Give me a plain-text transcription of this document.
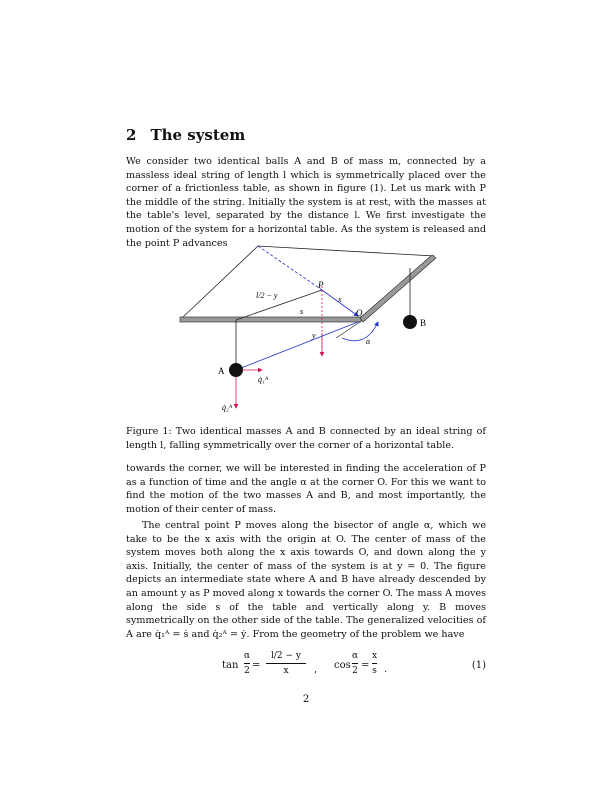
2 The system

We consider two identical balls A and B of mass m, connected by a massless ideal string of length l which is symmetrically placed over the corner of a frictionless table, as shown in figure (1). Let us mark with P the middle of the string. Initially the system is at rest, with the masses at the table's level, separated by the distance l. We first investigate the motion of the system for a horizontal table. As the system is released and the point P advances

P
O
A
B
l/2 − y	x
s
y
α
q̇₁ᴬ
q̇₂ᴬ
Figure 1: Two identical masses A and B connected by an ideal string of length l, falling symmetrically over the corner of a horizontal table.

towards the corner, we will be interested in finding the acceleration of P as a function of time and the angle α at the corner O. For this we want to find the motion of the two masses A and B, and most importantly, the motion of their center of mass.

The central point P moves along the bisector of angle α, which we take to be the x axis with the origin at O. The center of mass of the system moves both along the x axis towards O, and down along the y axis. Initially, the center of mass of the system is at y = 0. The figure depicts an intermediate state where A and B have already descended by an amount y as P moved along x towards the corner O. The mass A moves along the side s of the table and vertically along y. B moves symmetrically on the other side of the table. The generalized velocities of A are q̇₁ᴬ = ṡ and q̇₂ᴬ = ẏ. From the geometry of the problem we have

tan
α
2 =
l/2 − y
x	, cos
α
2 =
x
s .	(1)
2
